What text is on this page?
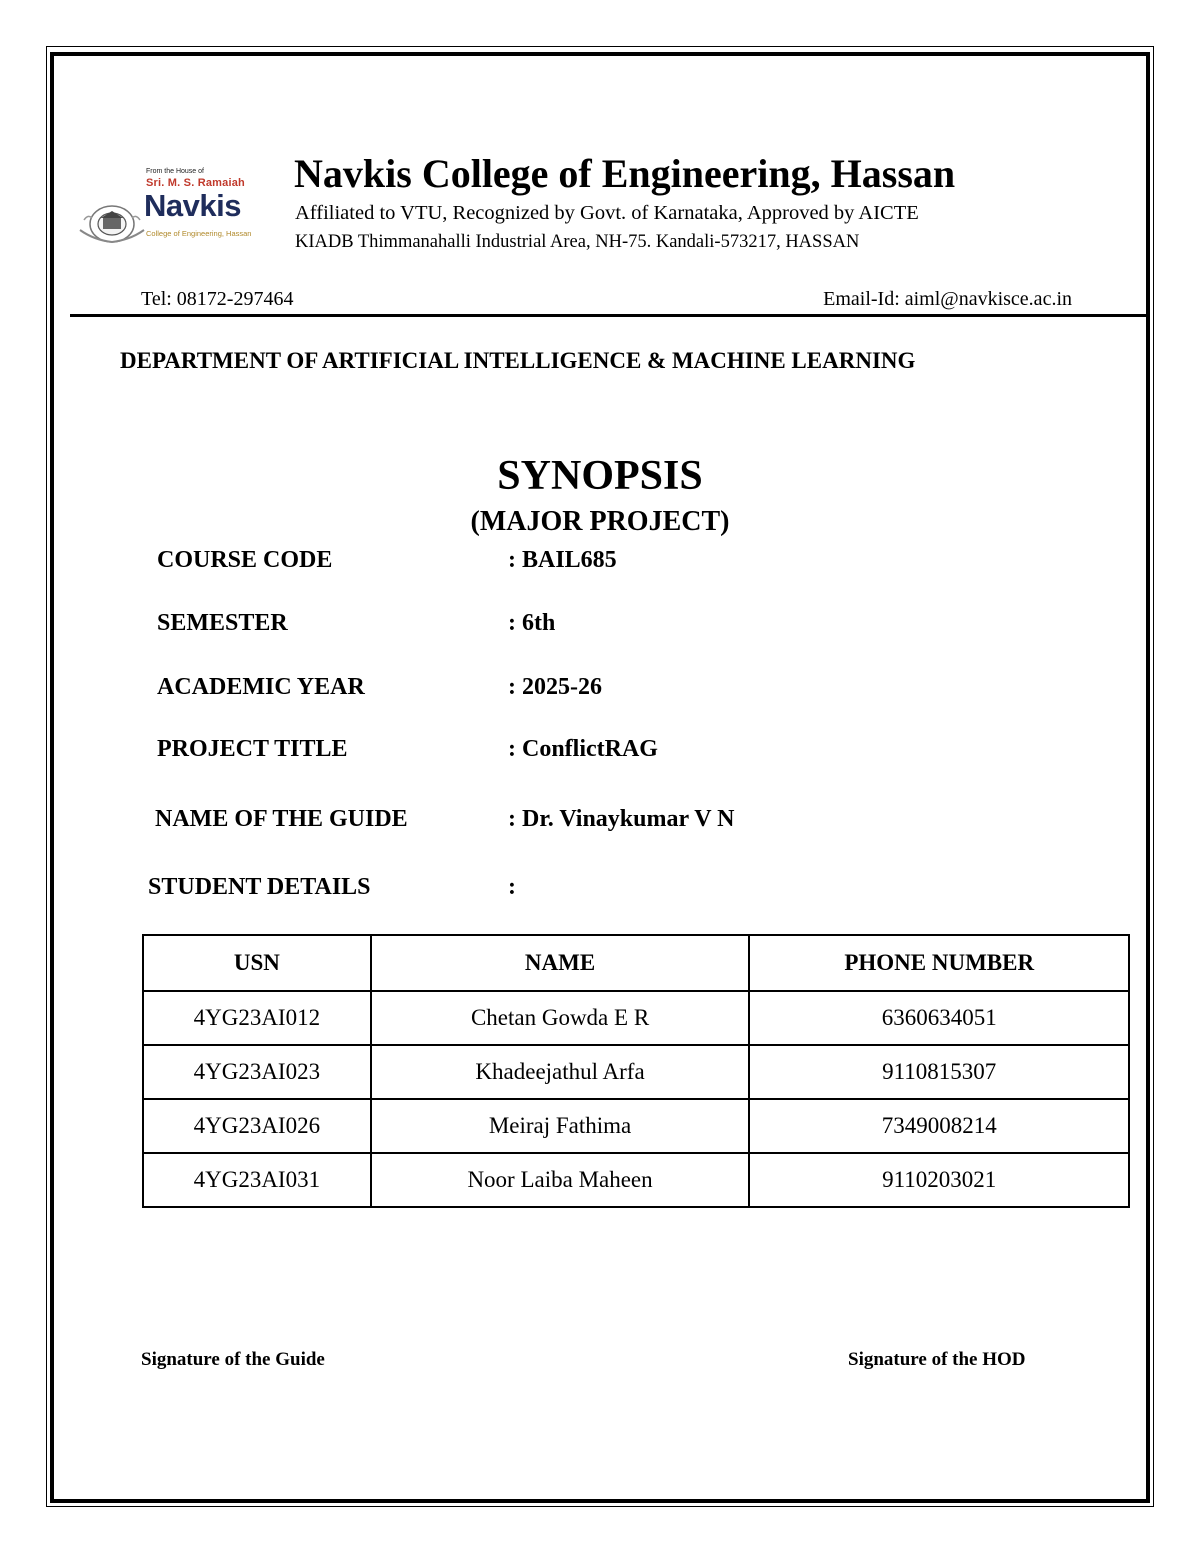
From the House of
Sri. M. S. Ramaiah
Navkis
College of Engineering, Hassan
Navkis College of Engineering, Hassan
Affiliated to VTU, Recognized by Govt. of Karnataka, Approved by AICTE
KIADB Thimmanahalli Industrial Area, NH-75. Kandali-573217, HASSAN
Tel: 08172-297464	Email-Id: aiml@navkisce.ac.in
DEPARTMENT OF ARTIFICIAL INTELLIGENCE & MACHINE LEARNING
SYNOPSIS
(MAJOR PROJECT)
COURSE CODE	: BAIL685
SEMESTER	: 6th
ACADEMIC YEAR	: 2025-26
PROJECT TITLE	: ConflictRAG
NAME OF THE GUIDE	: Dr. Vinaykumar V N
STUDENT DETAILS	:
USN	NAME	PHONE NUMBER
4YG23AI012	Chetan Gowda E R	6360634051
4YG23AI023	Khadeejathul Arfa	9110815307
4YG23AI026	Meiraj Fathima	7349008214
4YG23AI031	Noor Laiba Maheen	9110203021
Signature of the Guide	Signature of the HOD
